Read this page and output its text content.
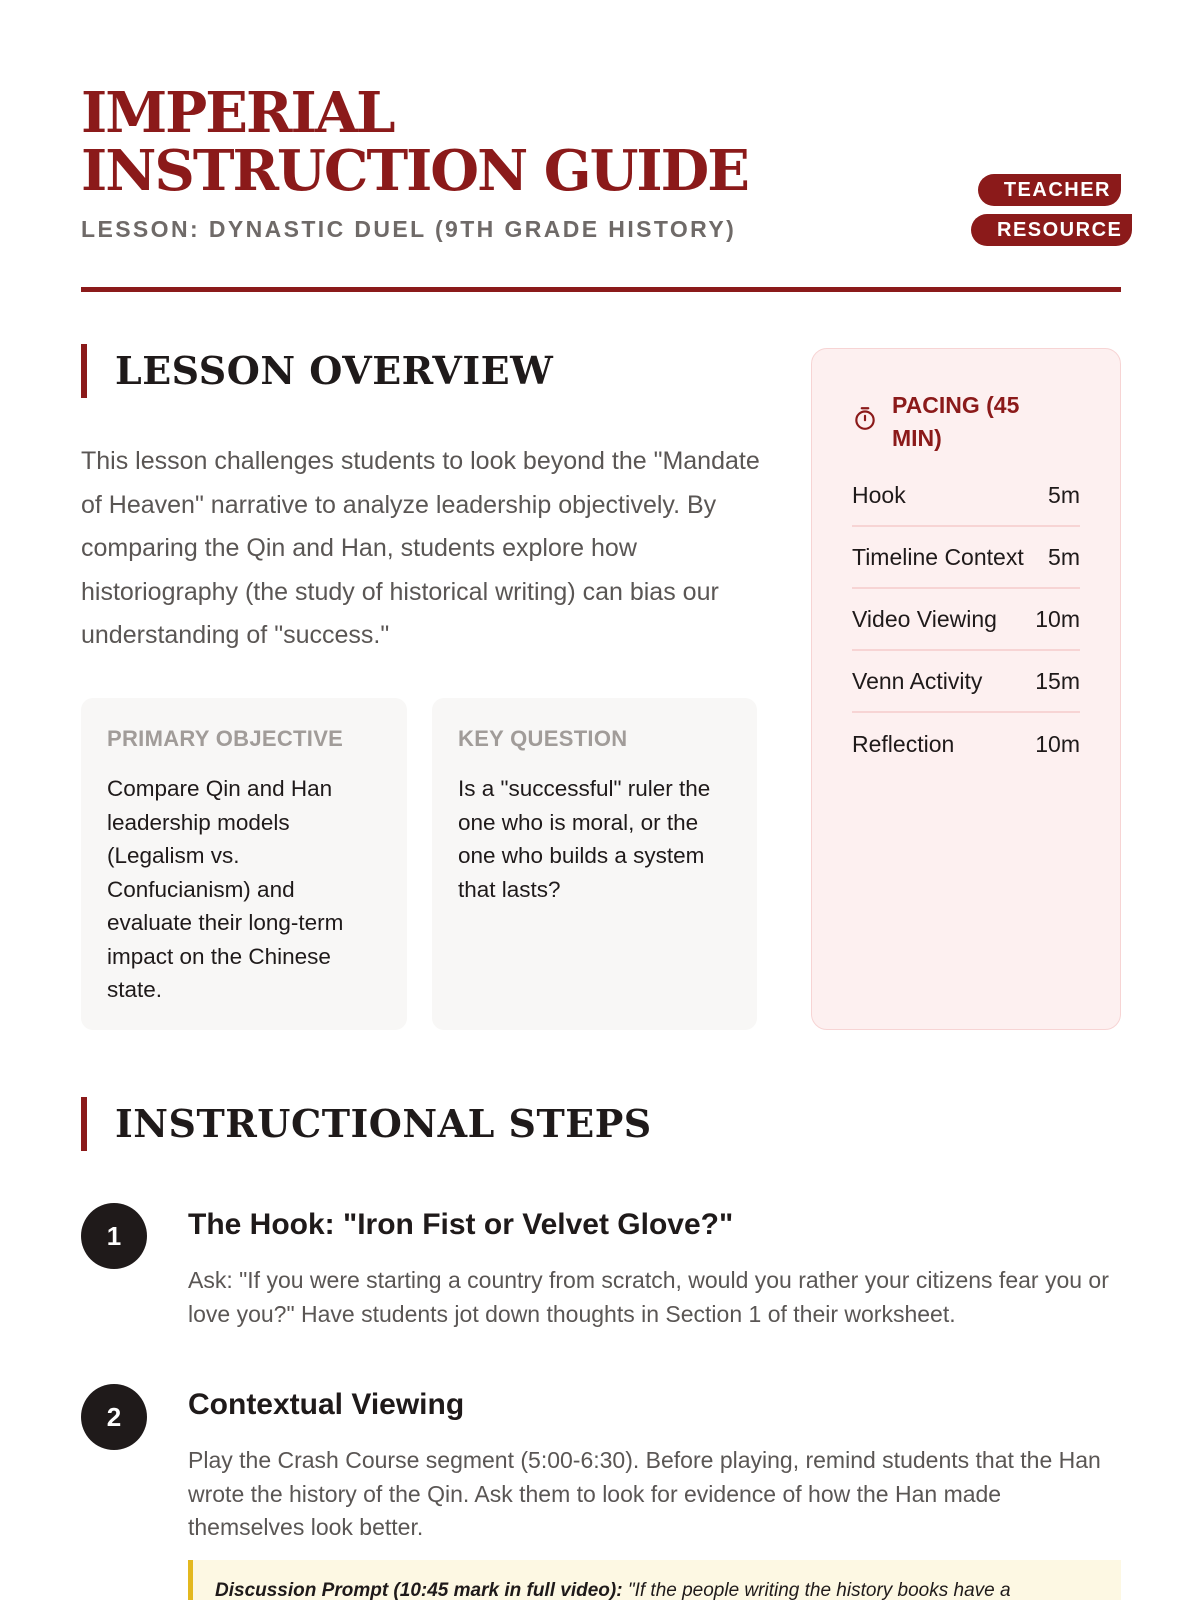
IMPERIAL INSTRUCTION GUIDE
LESSON: DYNASTIC DUEL (9TH GRADE HISTORY)
TEACHER RESOURCE
LESSON OVERVIEW

This lesson challenges students to look beyond the "Mandate of Heaven" narrative to analyze leadership objectively. By comparing the Qin and Han, students explore how historiography (the study of historical writing) can bias our understanding of "success."

PRIMARY OBJECTIVE
Compare Qin and Han leadership models (Legalism vs. Confucianism) and evaluate their long-term impact on the Chinese state.
KEY QUESTION
Is a "successful" ruler the one who is moral, or the one who builds a system that lasts?
PACING (45 MIN)
Hook	5m
Timeline Context 5m
Video Viewing 10m
Venn Activity 15m
Reflection	10m
INSTRUCTIONAL STEPS
1	The Hook: "Iron Fist or Velvet Glove?"

Ask: "If you were starting a country from scratch, would you rather your citizens fear you or love you?" Have students jot down thoughts in Section 1 of their worksheet.

2	Contextual Viewing

Play the Crash Course segment (5:00-6:30). Before playing, remind students that the Han wrote the history of the Qin. Ask them to look for evidence of how the Han made themselves look better.

Discussion Prompt (10:45 mark in full video): "If the people writing the history books have a
